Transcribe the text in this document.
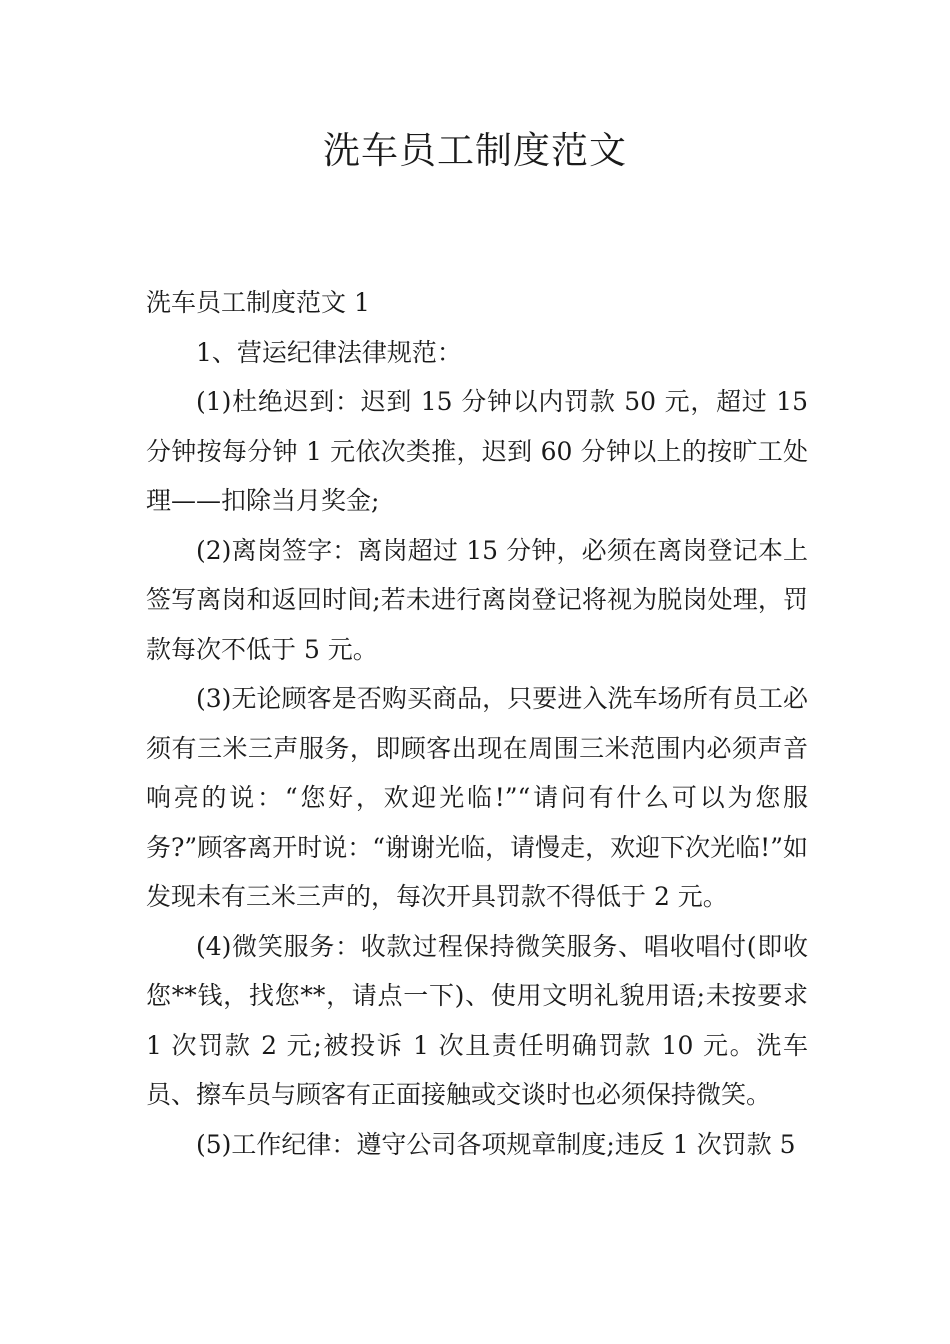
洗车员工制度范文

洗车员工制度范文 1

1、营运纪律法律规范：

(1)杜绝迟到：迟到 15 分钟以内罚款 50 元，超过 15 分钟按每分钟 1 元依次类推，迟到 60 分钟以上的按旷工处理——扣除当月奖金;

(2)离岗签字：离岗超过 15 分钟，必须在离岗登记本上签写离岗和返回时间;若未进行离岗登记将视为脱岗处理，罚款每次不低于 5 元。

(3)无论顾客是否购买商品，只要进入洗车场所有员工必须有三米三声服务，即顾客出现在周围三米范围内必须声音响亮的说：“您好，欢迎光临!”“请问有什么可以为您服务?”顾客离开时说：“谢谢光临，请慢走，欢迎下次光临!”如发现未有三米三声的，每次开具罚款不得低于 2 元。

(4)微笑服务：收款过程保持微笑服务、唱收唱付(即收您**钱，找您**，请点一下)、使用文明礼貌用语;未按要求 1 次罚款 2 元;被投诉 1 次且责任明确罚款 10 元。洗车员、擦车员与顾客有正面接触或交谈时也必须保持微笑。

(5)工作纪律：遵守公司各项规章制度;违反 1 次罚款 5
